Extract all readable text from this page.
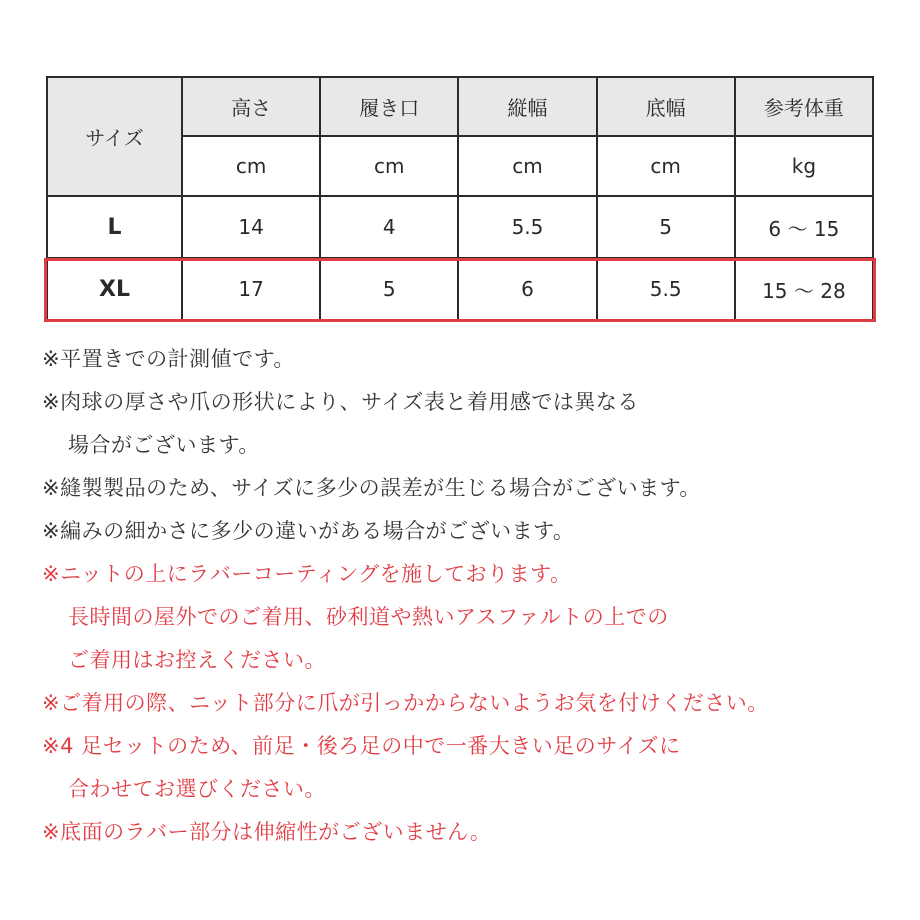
サイズ	高さ	履き口	縦幅	底幅	参考体重
	cm	cm	cm	cm	kg
L	14	4	5.5	5	6 ～ 15
XL	17	5	6	5.5	15 ～ 28
※平置きでの計測値です。
※肉球の厚さや爪の形状により、サイズ表と着用感では異なる
場合がございます。
※縫製製品のため、サイズに多少の誤差が生じる場合がございます。
※編みの細かさに多少の違いがある場合がございます。
※ニットの上にラバーコーティングを施しております。
長時間の屋外でのご着用、砂利道や熱いアスファルトの上での
ご着用はお控えください。
※ご着用の際、ニット部分に爪が引っかからないようお気を付けください。
※4 足セットのため、前足・後ろ足の中で一番大きい足のサイズに
合わせてお選びください。
※底面のラバー部分は伸縮性がございません。
